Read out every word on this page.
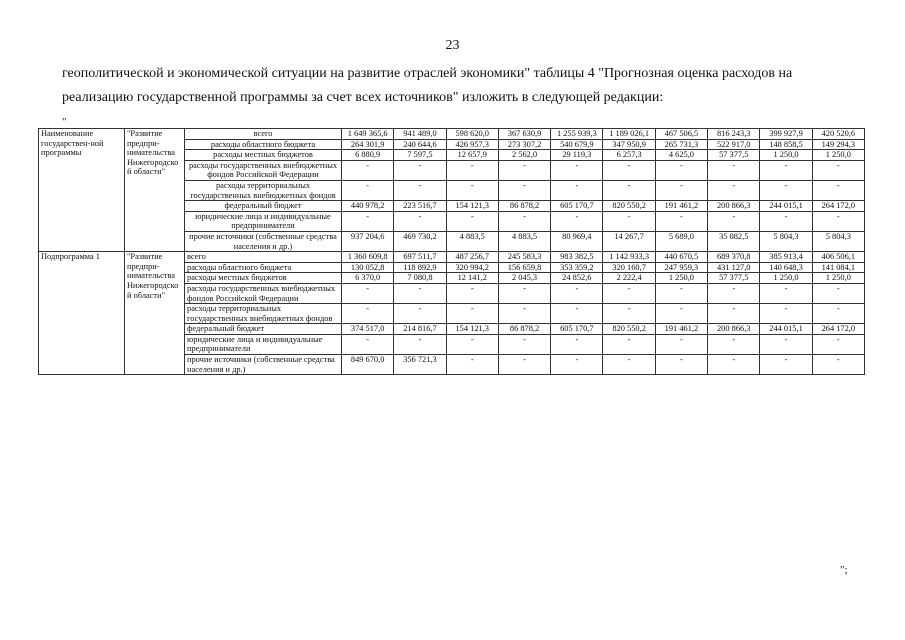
23

геополитической и экономической ситуации на развитие отраслей экономики" таблицы 4 "Прогнозная оценка расходов на

реализацию государственной программы за счет всех источников" изложить в следующей редакции:

"
Наименование государствен-ной программы	"Развитие предпри-нимательства Нижегородской области"	всего	1 649 365,6	941 489,0	598 620,0	367 630,9	1 255 939,3	1 189 026,1	467 506,5	816 243,3	399 927,9	420 520,6
		расходы областного бюджета	264 301,9	240 644,6	426 957,3	273 307,2	540 679,9	347 950,9	265 731,3	522 917,0	148 858,5	149 294,3
		расходы местных бюджетов	6 880,9	7 597,5	12 657,9	2 562,0	29 119,3	6 257,3	4 625,0	57 377,5	1 250,0	1 250,0
		расходы государственных внебюджетных фондов Российской Федерации	-	-	-	-	-	-	-	-	-	-
		расходы территориальных государственных внебюджетных фондов	-	-	-	-	-	-	-	-	-	-
		федеральный бюджет	440 978,2	223 516,7	154 121,3	86 878,2	605 170,7	820 550,2	191 461,2	200 866,3	244 015,1	264 172,0
		юридические лица и индивидуальные предприниматели	-	-	-	-	-	-	-	-	-	-
		прочие источники (собственные средства населения и др.)	937 204,6	469 730,2	4 883,5	4 883,5	80 969,4	14 267,7	5 689,0	35 082,5	5 804,3	5 804,3
Подпрограмма 1	"Развитие предпри-нимательства Нижегородской области"	всего	1 360 609,8	697 511,7	487 256,7	245 583,3	983 382,5	1 142 933,3	440 670,5	689 370,8	385 913,4	406 506,1
		расходы областного бюджета	130 052,8	118 892,9	320 994,2	156 659,8	353 359,2	320 160,7	247 959,3	431 127,0	140 648,3	141 084,1
		расходы местных бюджетов	6 370,0	7 080,8	12 141,2	2 045,3	24 852,6	2 222,4	1 250,0	57 377,5	1 250,0	1 250,0
		расходы государственных внебюджетных фондов Российской Федерации	-	-	-	-	-	-	-	-	-	-
		расходы территориальных государственных внебюджетных фондов	-	-	-	-	-	-	-	-	-	-
		федеральный бюджет	374 517,0	214 816,7	154 121,3	86 878,2	605 170,7	820 550,2	191 461,2	200 866,3	244 015,1	264 172,0
		юридические лица и индивидуальные предприниматели	-	-	-	-	-	-	-	-	-	-
		прочие источники (собственные средства населения и др.)	849 670,0	356 721,3	-	-	-	-	-	-	-	-
";
